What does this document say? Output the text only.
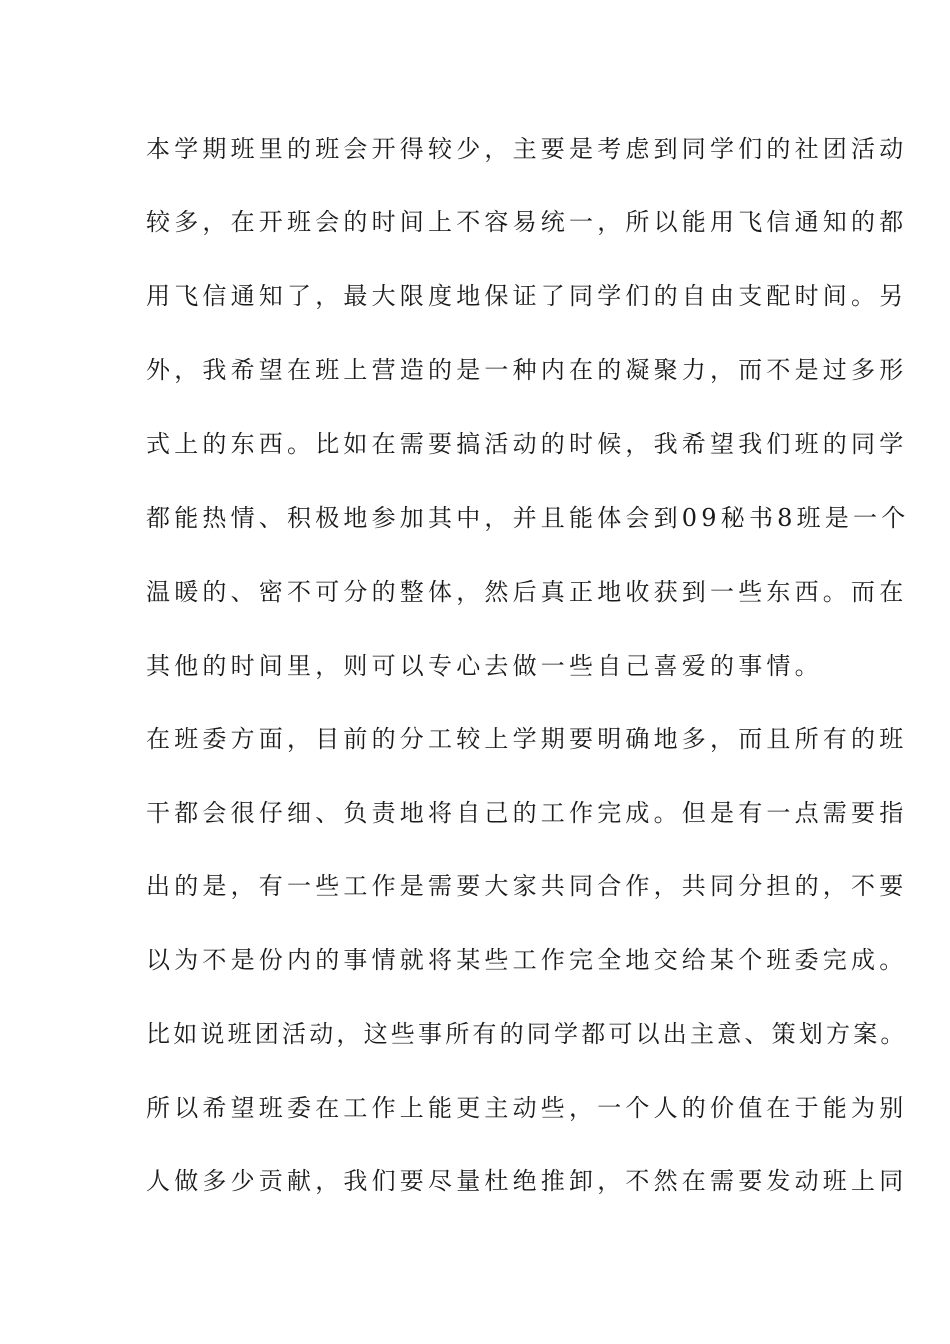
本学期班里的班会开得较少，主要是考虑到同学们的社团活动
较多，在开班会的时间上不容易统一，所以能用飞信通知的都
用飞信通知了，最大限度地保证了同学们的自由支配时间。另
外，我希望在班上营造的是一种内在的凝聚力，而不是过多形
式上的东西。比如在需要搞活动的时候，我希望我们班的同学
都能热情、积极地参加其中，并且能体会到09秘书8班是一个
温暖的、密不可分的整体，然后真正地收获到一些东西。而在
其他的时间里，则可以专心去做一些自己喜爱的事情。
在班委方面，目前的分工较上学期要明确地多，而且所有的班
干都会很仔细、负责地将自己的工作完成。但是有一点需要指
出的是，有一些工作是需要大家共同合作，共同分担的，不要
以为不是份内的事情就将某些工作完全地交给某个班委完成。
比如说班团活动，这些事所有的同学都可以出主意、策划方案。
所以希望班委在工作上能更主动些，一个人的价值在于能为别
人做多少贡献，我们要尽量杜绝推卸，不然在需要发动班上同
